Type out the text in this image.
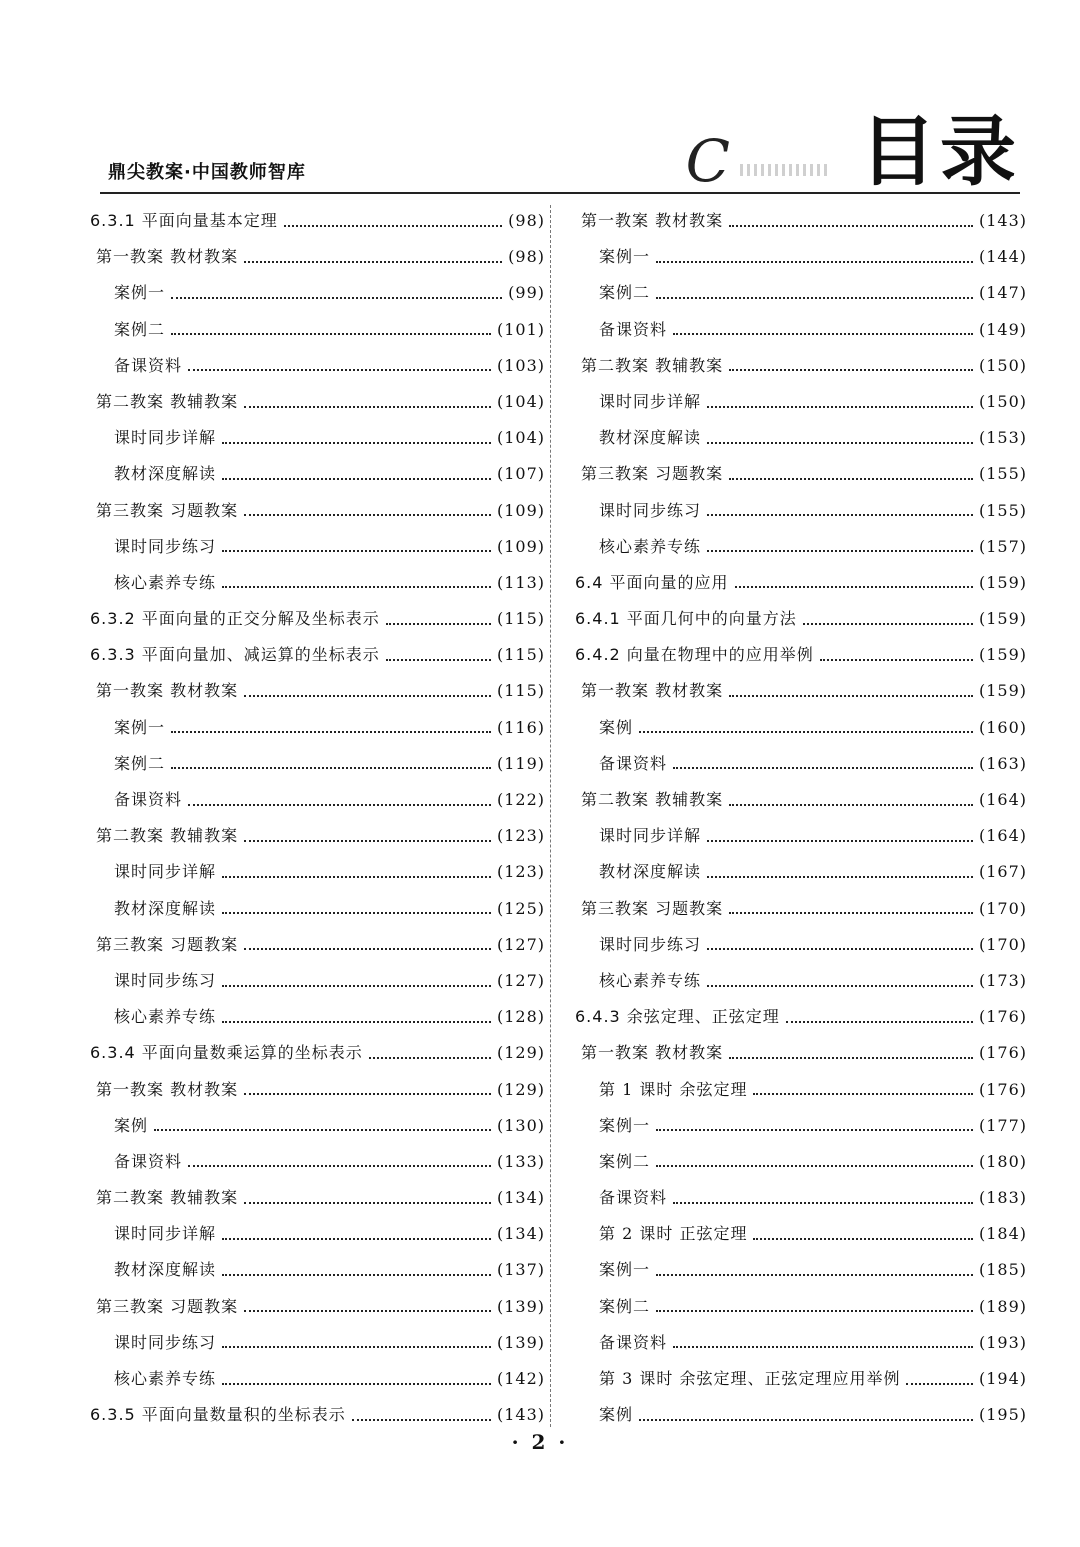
鼎尖教案·中国教师智库	C 目录
6.3.1 平面向量基本定理	(98)
第一教案 教材教案	(98)
案例一	(99)
案例二	(101)
备课资料	(103)
第二教案 教辅教案	(104)
课时同步详解	(104)
教材深度解读	(107)
第三教案 习题教案	(109)
课时同步练习	(109)
核心素养专练	(113)
6.3.2 平面向量的正交分解及坐标表示	(115)
6.3.3 平面向量加、减运算的坐标表示	(115)
第一教案 教材教案	(115)
案例一	(116)
案例二	(119)
备课资料	(122)
第二教案 教辅教案	(123)
课时同步详解	(123)
教材深度解读	(125)
第三教案 习题教案	(127)
课时同步练习	(127)
核心素养专练	(128)
6.3.4 平面向量数乘运算的坐标表示	(129)
第一教案 教材教案	(129)
案例	(130)
备课资料	(133)
第二教案 教辅教案	(134)
课时同步详解	(134)
教材深度解读	(137)
第三教案 习题教案	(139)
课时同步练习	(139)
核心素养专练	(142)
6.3.5 平面向量数量积的坐标表示	(143)
第一教案 教材教案	(143)
案例一	(144)
案例二	(147)
备课资料	(149)
第二教案 教辅教案	(150)
课时同步详解	(150)
教材深度解读	(153)
第三教案 习题教案	(155)
课时同步练习	(155)
核心素养专练	(157)
6.4 平面向量的应用	(159)
6.4.1 平面几何中的向量方法	(159)
6.4.2 向量在物理中的应用举例	(159)
第一教案 教材教案	(159)
案例	(160)
备课资料	(163)
第二教案 教辅教案	(164)
课时同步详解	(164)
教材深度解读	(167)
第三教案 习题教案	(170)
课时同步练习	(170)
核心素养专练	(173)
6.4.3 余弦定理、正弦定理	(176)
第一教案 教材教案	(176)
第 1 课时 余弦定理	(176)
案例一	(177)
案例二	(180)
备课资料	(183)
第 2 课时 正弦定理	(184)
案例一	(185)
案例二	(189)
备课资料	(193)
第 3 课时 余弦定理、正弦定理应用举例	(194)
案例	(195)
· 2 ·
